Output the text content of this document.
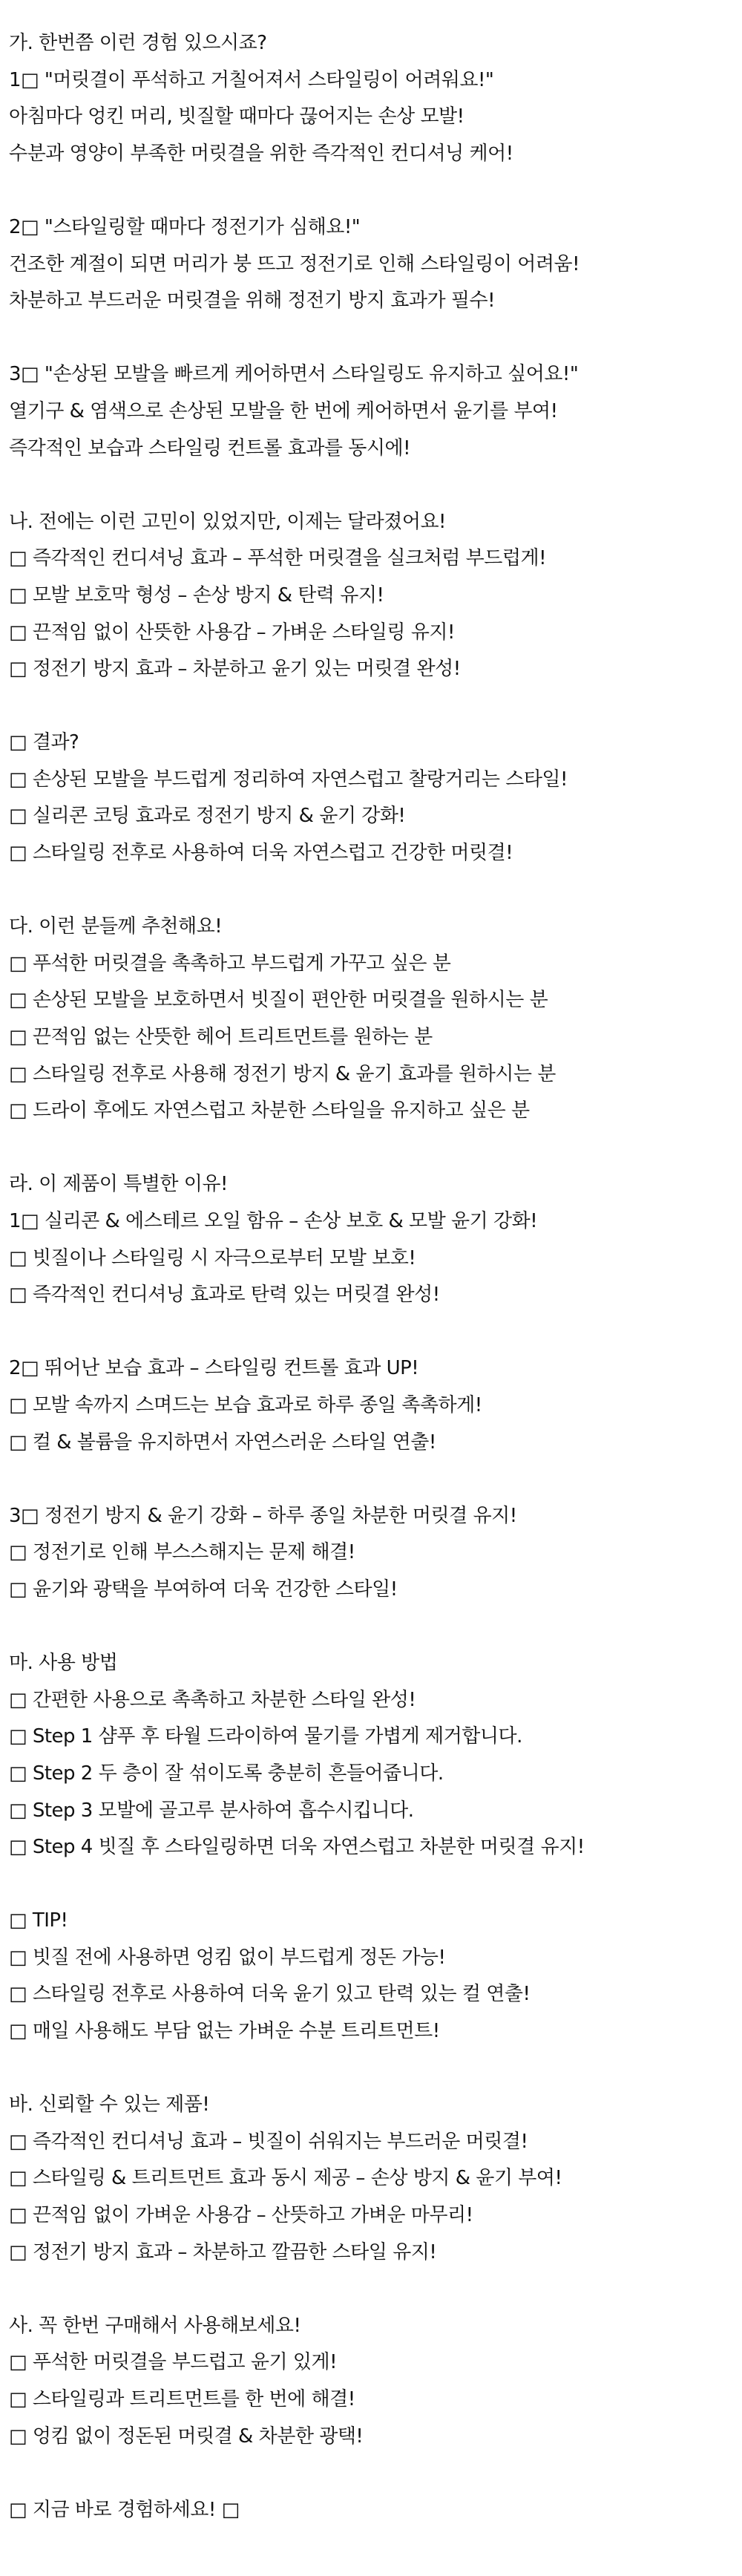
가. 한번쯤 이런 경험 있으시죠?
1□ "머릿결이 푸석하고 거칠어져서 스타일링이 어려워요!"
아침마다 엉킨 머리, 빗질할 때마다 끊어지는 손상 모발!
수분과 영양이 부족한 머릿결을 위한 즉각적인 컨디셔닝 케어!
2□ "스타일링할 때마다 정전기가 심해요!"
건조한 계절이 되면 머리가 붕 뜨고 정전기로 인해 스타일링이 어려움!
차분하고 부드러운 머릿결을 위해 정전기 방지 효과가 필수!
3□ "손상된 모발을 빠르게 케어하면서 스타일링도 유지하고 싶어요!"
열기구 & 염색으로 손상된 모발을 한 번에 케어하면서 윤기를 부여!
즉각적인 보습과 스타일링 컨트롤 효과를 동시에!
나. 전에는 이런 고민이 있었지만, 이제는 달라졌어요!
□ 즉각적인 컨디셔닝 효과 – 푸석한 머릿결을 실크처럼 부드럽게!
□ 모발 보호막 형성 – 손상 방지 & 탄력 유지!
□ 끈적임 없이 산뜻한 사용감 – 가벼운 스타일링 유지!
□ 정전기 방지 효과 – 차분하고 윤기 있는 머릿결 완성!
□ 결과?
□ 손상된 모발을 부드럽게 정리하여 자연스럽고 찰랑거리는 스타일!
□ 실리콘 코팅 효과로 정전기 방지 & 윤기 강화!
□ 스타일링 전후로 사용하여 더욱 자연스럽고 건강한 머릿결!
다. 이런 분들께 추천해요!
□ 푸석한 머릿결을 촉촉하고 부드럽게 가꾸고 싶은 분
□ 손상된 모발을 보호하면서 빗질이 편안한 머릿결을 원하시는 분
□ 끈적임 없는 산뜻한 헤어 트리트먼트를 원하는 분
□ 스타일링 전후로 사용해 정전기 방지 & 윤기 효과를 원하시는 분
□ 드라이 후에도 자연스럽고 차분한 스타일을 유지하고 싶은 분
라. 이 제품이 특별한 이유!
1□ 실리콘 & 에스테르 오일 함유 – 손상 보호 & 모발 윤기 강화!
□ 빗질이나 스타일링 시 자극으로부터 모발 보호!
□ 즉각적인 컨디셔닝 효과로 탄력 있는 머릿결 완성!
2□ 뛰어난 보습 효과 – 스타일링 컨트롤 효과 UP!
□ 모발 속까지 스며드는 보습 효과로 하루 종일 촉촉하게!
□ 컬 & 볼륨을 유지하면서 자연스러운 스타일 연출!
3□ 정전기 방지 & 윤기 강화 – 하루 종일 차분한 머릿결 유지!
□ 정전기로 인해 부스스해지는 문제 해결!
□ 윤기와 광택을 부여하여 더욱 건강한 스타일!
마. 사용 방법
□ 간편한 사용으로 촉촉하고 차분한 스타일 완성!
□ Step 1 샴푸 후 타월 드라이하여 물기를 가볍게 제거합니다.
□ Step 2 두 층이 잘 섞이도록 충분히 흔들어줍니다.
□ Step 3 모발에 골고루 분사하여 흡수시킵니다.
□ Step 4 빗질 후 스타일링하면 더욱 자연스럽고 차분한 머릿결 유지!
□ TIP!
□ 빗질 전에 사용하면 엉킴 없이 부드럽게 정돈 가능!
□ 스타일링 전후로 사용하여 더욱 윤기 있고 탄력 있는 컬 연출!
□ 매일 사용해도 부담 없는 가벼운 수분 트리트먼트!
바. 신뢰할 수 있는 제품!
□ 즉각적인 컨디셔닝 효과 – 빗질이 쉬워지는 부드러운 머릿결!
□ 스타일링 & 트리트먼트 효과 동시 제공 – 손상 방지 & 윤기 부여!
□ 끈적임 없이 가벼운 사용감 – 산뜻하고 가벼운 마무리!
□ 정전기 방지 효과 – 차분하고 깔끔한 스타일 유지!
사. 꼭 한번 구매해서 사용해보세요!
□ 푸석한 머릿결을 부드럽고 윤기 있게!
□ 스타일링과 트리트먼트를 한 번에 해결!
□ 엉킴 없이 정돈된 머릿결 & 차분한 광택!
□ 지금 바로 경험하세요! □
